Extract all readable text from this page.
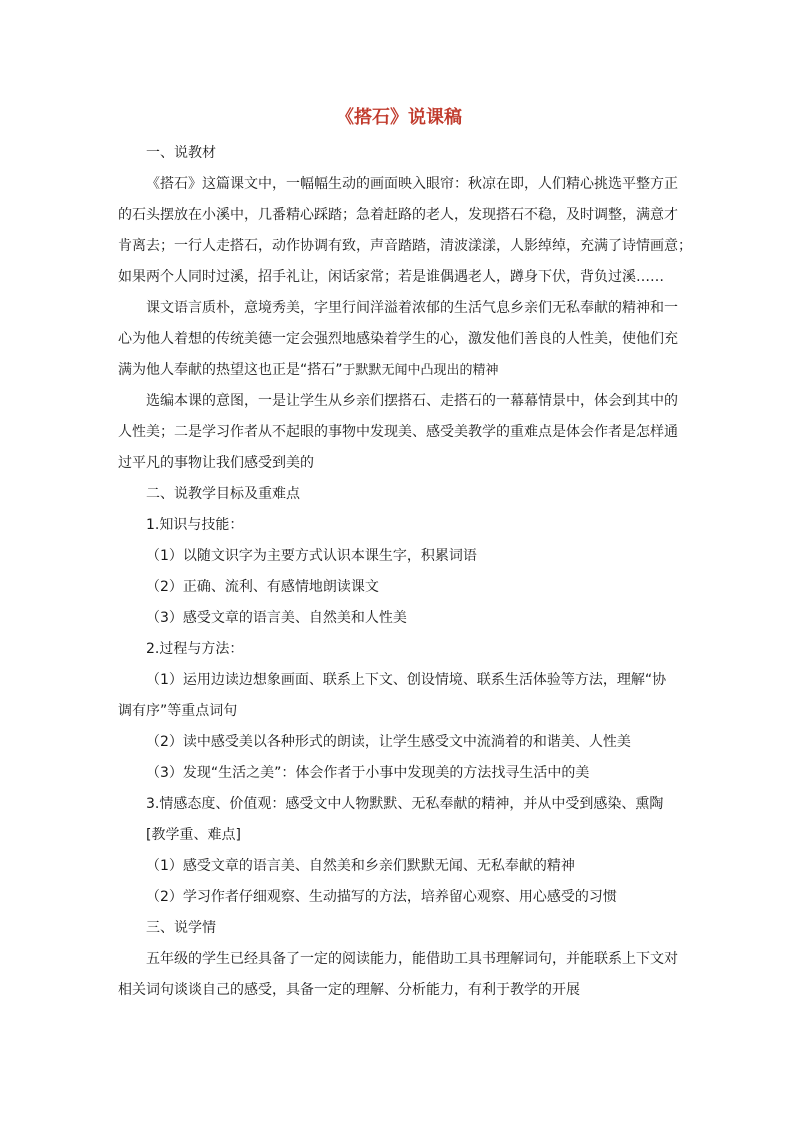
《搭石》说课稿

一、说教材

《搭石》这篇课文中，一幅幅生动的画面映入眼帘：秋凉在即，人们精心挑选平整方正

的石头摆放在小溪中，几番精心踩踏；急着赶路的老人，发现搭石不稳，及时调整，满意才

肯离去；一行人走搭石，动作协调有致，声音踏踏，清波漾漾，人影绰绰，充满了诗情画意；

如果两个人同时过溪，招手礼让，闲话家常；若是谁偶遇老人，蹲身下伏，背负过溪……

课文语言质朴，意境秀美，字里行间洋溢着浓郁的生活气息乡亲们无私奉献的精神和一

心为他人着想的传统美德一定会强烈地感染着学生的心，激发他们善良的人性美，使他们充

满为他人奉献的热望这也正是“搭石”于默默无闻中凸现出的精神

选编本课的意图，一是让学生从乡亲们摆搭石、走搭石的一幕幕情景中，体会到其中的

人性美；二是学习作者从不起眼的事物中发现美、感受美教学的重难点是体会作者是怎样通

过平凡的事物让我们感受到美的

二、说教学目标及重难点

1.知识与技能：

（1）以随文识字为主要方式认识本课生字，积累词语

（2）正确、流利、有感情地朗读课文

（3）感受文章的语言美、自然美和人性美

2.过程与方法：

（1）运用边读边想象画面、联系上下文、创设情境、联系生活体验等方法，理解“协

调有序”等重点词句

（2）读中感受美以各种形式的朗读，让学生感受文中流淌着的和谐美、人性美

（3）发现“生活之美”：体会作者于小事中发现美的方法找寻生活中的美

3.情感态度、价值观：感受文中人物默默、无私奉献的精神，并从中受到感染、熏陶

[教学重、难点]

（1）感受文章的语言美、自然美和乡亲们默默无闻、无私奉献的精神

（2）学习作者仔细观察、生动描写的方法，培养留心观察、用心感受的习惯

三、说学情

五年级的学生已经具备了一定的阅读能力，能借助工具书理解词句，并能联系上下文对

相关词句谈谈自己的感受，具备一定的理解、分析能力，有利于教学的开展
